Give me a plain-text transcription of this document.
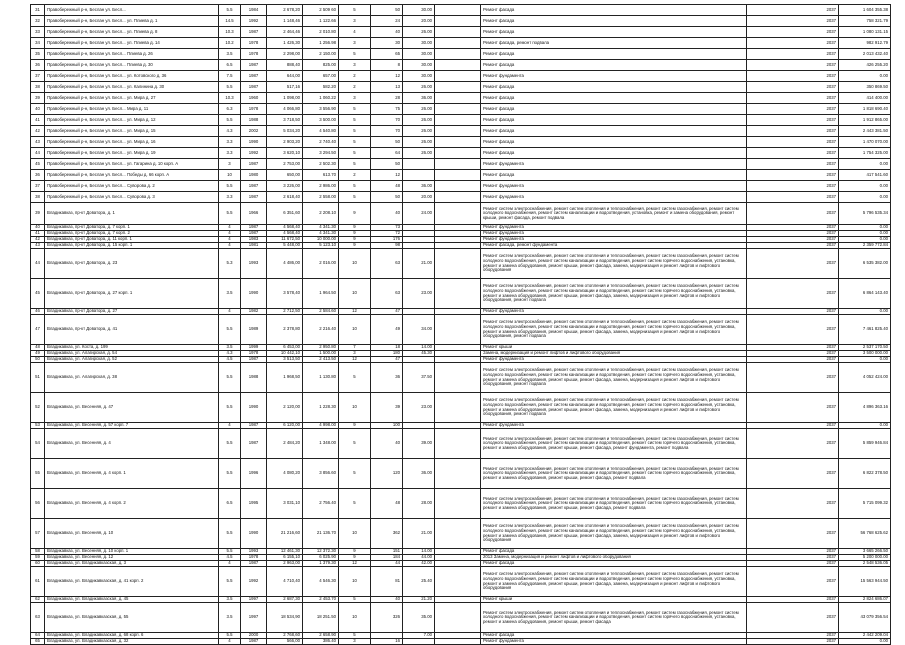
31	Правобережный р-н, Беслан ул. Бесл...	5.5	1984	2 678,20	2 509 60	5	50	30.00		Ремонт фасада	2037	1 604 355.38
32	Правобережный р-н, Беслан ул. Бесл... ул. Плиева д. 1	14.5	1992	1 148,46	1 122.66	3	24	20.00		Ремонт фасада	2037	758 321.79
33	Правобережный р-н, Беслан ул. Бесл... ул. Плиева д. 8	10.3	1987	2 464,46	2 010.80	4	40	26.00		Ремонт фасада	2037	1 080 131.15
34	Правобережный р-н, Беслан ул. Бесл... ул. Плиева д. 14	10.2	1978	1 426,30	1 256.98	3	30	30.00		Ремонт фасада, ремонт подвала	2037	982 912.79
35	Правобережный р-н, Беслан ул. Бесл... Плиева д. 26	3.5	1978	2 298,00	2 150.00	5	65	30.00		Ремонт фасада	2037	2 013 432.40
36	Правобережный р-н, Беслан ул. Бесл... Плиева д. 30	6.5	1987	888,40	825.00	3	8	30.00		Ремонт фасада	2037	426 255.20
37	Правобережный р-н, Беслан ул. Бесл... ул. Котовского д. 36	7.5	1987	644,00	657.00	2	12	30.00		Ремонт фундамента	2037	0.00
38	Правобережный р-н, Беслан ул. Бесл... ул. Калинина д. 30	5.5	1987	517,16	582.20	2	13	26.00		Ремонт фасада	2037	350 869.50
39	Правобережный р-н, Беслан ул. Бесл... ул. Мира д. 27	10.3	1960	1 098,00	1 060.22	3	28	36.00		Ремонт фасада	2037	414 400.00
40	Правобережный р-н, Беслан ул. Бесл... Мира д. 11	6.3	1978	4 066,80	3 556.90	5	75	26.00		Ремонт фасада	2037	1 818 690.40
41	Правобережный р-н, Беслан ул. Бесл... ул. Мира д. 12	5.5	1988	3 718,50	3 500.00	5	70	26.00		Ремонт фасада	2037	1 912 865.00
42	Правобережный р-н, Беслан ул. Бесл... ул. Мира д. 15	4.3	2002	5 034,20	4 540.80	5	70	26.00		Ремонт фасада	2037	2 443 381.50
43	Правобережный р-н, Беслан ул. Бесл... ул. Мира д. 16	3.3	1990	2 903,20	2 740.40	5	50	26.00		Ремонт фасада	2037	1 470 070.00
44	Правобережный р-н, Беслан ул. Бесл... ул. Мира д. 19	3.3	1992	3 620,10	3 294.50	5	64	26.00		Ремонт фасада	2037	1 754 325.00
45	Правобережный р-н, Беслан ул. Бесл... ул. Гагарина д. 10 корп. А	3	1987	2 753,00	2 502.30	5	50			Ремонт фундамента	2037	0.00
36	Правобережный р-н, Беслан ул. Бесл... Победы д. 66 корп. А	10	1980	650,00	613.70	2	12			Ремонт фасада	2037	417 541.60
37	Правобережный р-н, Беслан ул. Бесл... Суворова д. 2	5.5	1987	3 226,00	2 986.00	5	48	36.00		Ремонт фундамента	2037	0.00
38	Правобережный р-н, Беслан ул. Бесл... Суворова д. 3	3.3	1987	2 618,40	2 558.00	5	50	20.00		Ремонт фундамента	2037	0.00
39	Владикавказ, пр-кт Доватора, д. 1	5.5	1966	6 351,60	2 208.10	9	40	24.00		Ремонт систем электроснабжения, ремонт систем отопления и теплоснабжения, ремонт систем газоснабжения, ремонт систем холодного водоснабжения, ремонт систем канализации и водоотведения, установка, ремонт и замена оборудования, ремонт крыши, ремонт фасада, ремонт подвала	2037	5 796 535.34
40	Владикавказ, пр-кт Доватора, д. 7 корп. 1	4	1987	4 568,40	4 341.30	9	73			Ремонт фундамента	2037	0.00
41	Владикавказ, пр-кт Доватора, д. 7 корп. 2	4	1987	4 568,40	4 341.30	9	72			Ремонт фундамента	2037	0.00
42	Владикавказ, пр-кт Доватора, д. 11 корп. 1	4	1983	11 672,50	10 000.00	9	176			Ремонт фундамента	2037	0.00
43	Владикавказ, пр-кт Доватора, д. 15 корп. 1	4	1981	5 448,00	5 123.10	9	98			Ремонт фасада, ремонт фундамента	2037	2 359 772.84
44	Владикавказ, пр-кт Доватора, д. 23	5.3	1993	4 486,00	2 016.00	10	63	21.00		Ремонт систем электроснабжения, ремонт систем отопления и теплоснабжения, ремонт систем газоснабжения, ремонт систем холодного водоснабжения, ремонт систем канализации и водоотведения, ремонт систем горячего водоснабжения, установка, ремонт и замена оборудования, ремонт крыши, ремонт фасада, замена, модернизация и ремонт лифтов и лифтового оборудования	2037	6 535 382.00
45	Владикавказ, пр-кт Доватора, д. 27 корп. 1	3.5	1990	3 578,40	1 964.50	10	63	23.00		Ремонт систем электроснабжения, ремонт систем отопления и теплоснабжения, ремонт систем газоснабжения, ремонт систем холодного водоснабжения, ремонт систем канализации и водоотведения, ремонт систем горячего водоснабжения, установка, ремонт и замена оборудования, ремонт крыши, ремонт фасада, замена, модернизация и ремонт лифтов и лифтового оборудования, ремонт подвала	2037	6 864 143.40
46	Владикавказ, пр-кт Доватора, д. 27	4	1982	2 712,50	2 584.60	12	47			Ремонт фундамента	2037	0.00
47	Владикавказ, пр-кт Доватора, д. 41	5.5	1989	2 378,80	2 216.40	10	49	34.00		Ремонт систем электроснабжения, ремонт систем отопления и теплоснабжения, ремонт систем газоснабжения, ремонт систем холодного водоснабжения, ремонт систем канализации и водоотведения, ремонт систем горячего водоснабжения, установка, ремонт и замена оборудования, ремонт крыши, ремонт фасада, замена, модернизация и ремонт лифтов и лифтового оборудования, ремонт подвала	2037	7 461 825.40
48	Владикавказ, ул. Коста, д. 199	3.5	1999	6 453,00	2 950.80	7	18	14.00		Ремонт крыши	2037	2 537 170.50
49	Владикавказ, ул. Алагирская, д. 54	4.3	1978	10 442,10	1 500.00	3	180	45.30		Замена, модернизация и ремонт лифтов и лифтового оборудования	2037	3 500 000.00
50	Владикавказ, ул. Алагирская, д. 52	4.5	1987	3 513,50	2 413.50	12	47			Ремонт фундамента	2037	0.00
51	Владикавказ, ул. Алагирская, д. 38	5.5	1988	1 968,50	1 130.80	5	36	37.50		Ремонт систем электроснабжения, ремонт систем отопления и теплоснабжения, ремонт систем газоснабжения, ремонт систем холодного водоснабжения, ремонт систем канализации и водоотведения, ремонт систем горячего водоснабжения, установка, ремонт и замена оборудования, ремонт крыши, ремонт фасада, замена, модернизация и ремонт лифтов и лифтового оборудования, ремонт подвала	2037	4 052 424.00
52	Владикавказ, ул. Весенняя, д. 47	5.5	1990	2 120,00	1 228.30	10	39	23.00		Ремонт систем электроснабжения, ремонт систем отопления и теплоснабжения, ремонт систем газоснабжения, ремонт систем холодного водоснабжения, ремонт систем канализации и водоотведения, ремонт систем горячего водоснабжения, установка, ремонт и замена оборудования, ремонт крыши, ремонт фасада, замена, модернизация и ремонт лифтов и лифтового оборудования, ремонт подвала	2037	4 896 363.16
53	Владикавказ, ул. Весенняя, д. 57 корп. 7	4	1987	6 120,00	4 998.00	9	100			Ремонт фундамента	2037	0.00
54	Владикавказ, ул. Весенняя, д. 4	5.5	1987	2 484,20	1 348.00	5	40	39.00		Ремонт систем электроснабжения, ремонт систем отопления и теплоснабжения, ремонт систем газоснабжения, ремонт систем холодного водоснабжения, ремонт систем канализации и водоотведения, ремонт систем горячего водоснабжения, установка, ремонт и замена оборудования, ремонт крыши, ремонт фасада, ремонт фундамента, ремонт подвала	2037	5 859 946.84
55	Владикавказ, ул. Весенняя, д. 4 корп. 1	5.5	1996	4 080,20	3 856.60	5	120	36.00		Ремонт систем электроснабжения, ремонт систем отопления и теплоснабжения, ремонт систем газоснабжения, ремонт систем холодного водоснабжения, ремонт систем канализации и водоотведения, ремонт систем горячего водоснабжения, установка, ремонт и замена оборудования, ремонт крыши, ремонт фасада, ремонт подвала	2037	6 822 378.50
56	Владикавказ, ул. Весенняя, д. 4 корп. 2	6.5	1995	3 031,10	2 756.40	5	48	28.00		Ремонт систем электроснабжения, ремонт систем отопления и теплоснабжения, ремонт систем газоснабжения, ремонт систем холодного водоснабжения, ремонт систем канализации и водоотведения, ремонт систем горячего водоснабжения, установка, ремонт и замена оборудования, ремонт крыши, ремонт фасада, ремонт подвала	2037	5 715 099.32
57	Владикавказ, ул. Весенняя, д. 10	5.5	1990	21 216,60	21 136.70	10	362	21.00		Ремонт систем электроснабжения, ремонт систем отопления и теплоснабжения, ремонт систем газоснабжения, ремонт систем холодного водоснабжения, ремонт систем канализации и водоотведения, ремонт систем горячего водоснабжения, установка, ремонт и замена оборудования, ремонт крыши, ремонт фасада, замена, модернизация и ремонт лифтов и лифтового оборудования	2037	56 768 625.62
58	Владикавказ, ул. Весенняя, д. 10 корп. 1	5.5	1993	12 461,30	12 372.30	9	151	14.00		Ремонт фасада	2037	3 665 266.50
59	Владикавказ, ул. Весенняя, д. 12	4.5	1978	6 155,10	6 025.90	9	184	44.00		2013 Замена, модернизация и ремонт лифтов и лифтового оборудования	2037	5 200 000.00
60	Владикавказ, ул. Владикавказская, д. 3	4	1987	2 963,00	1 379.30	12	44	42.00		Ремонт фасада	2037	2 548 536.05
61	Владикавказ, ул. Владикавказская, д. 41 корп. 2	5.5	1992	4 710,40	4 546.30	10	81	25.40		Ремонт систем электроснабжения, ремонт систем отопления и теплоснабжения, ремонт систем газоснабжения, ремонт систем холодного водоснабжения, ремонт систем канализации и водоотведения, ремонт систем горячего водоснабжения, установка, ремонт и замена оборудования, ремонт крыши, ремонт фасада, замена, модернизация и ремонт лифтов и лифтового оборудования	2037	15 563 944.50
62	Владикавказ, ул. Владикавказская, д. 45	3.5	1997	2 687,30	2 453.70	5	40	21.20		Ремонт крыши	2037	2 824 686.07
63	Владикавказ, ул. Владикавказская, д. 55	3.5	1997	18 534,90	18 251.50	10	326	35.00		Ремонт систем электроснабжения, ремонт систем отопления и теплоснабжения, ремонт систем газоснабжения, ремонт систем холодного водоснабжения, ремонт систем канализации и водоотведения, ремонт систем горячего водоснабжения, установка, ремонт и замена оборудования, ремонт крыши, ремонт фасада	2037	43 079 356.54
64	Владикавказ, ул. Владикавказская, д. 68 корп. 6	5.5	2000	2 768,60	2 658.90	5		7.00		Ремонт фасада	2037	2 442 209.04
65	Владикавказ, ул. Владикавказская, д. 32	4	1987	566,00	386.40	3	16			Ремонт фундамента	2037	0.00
